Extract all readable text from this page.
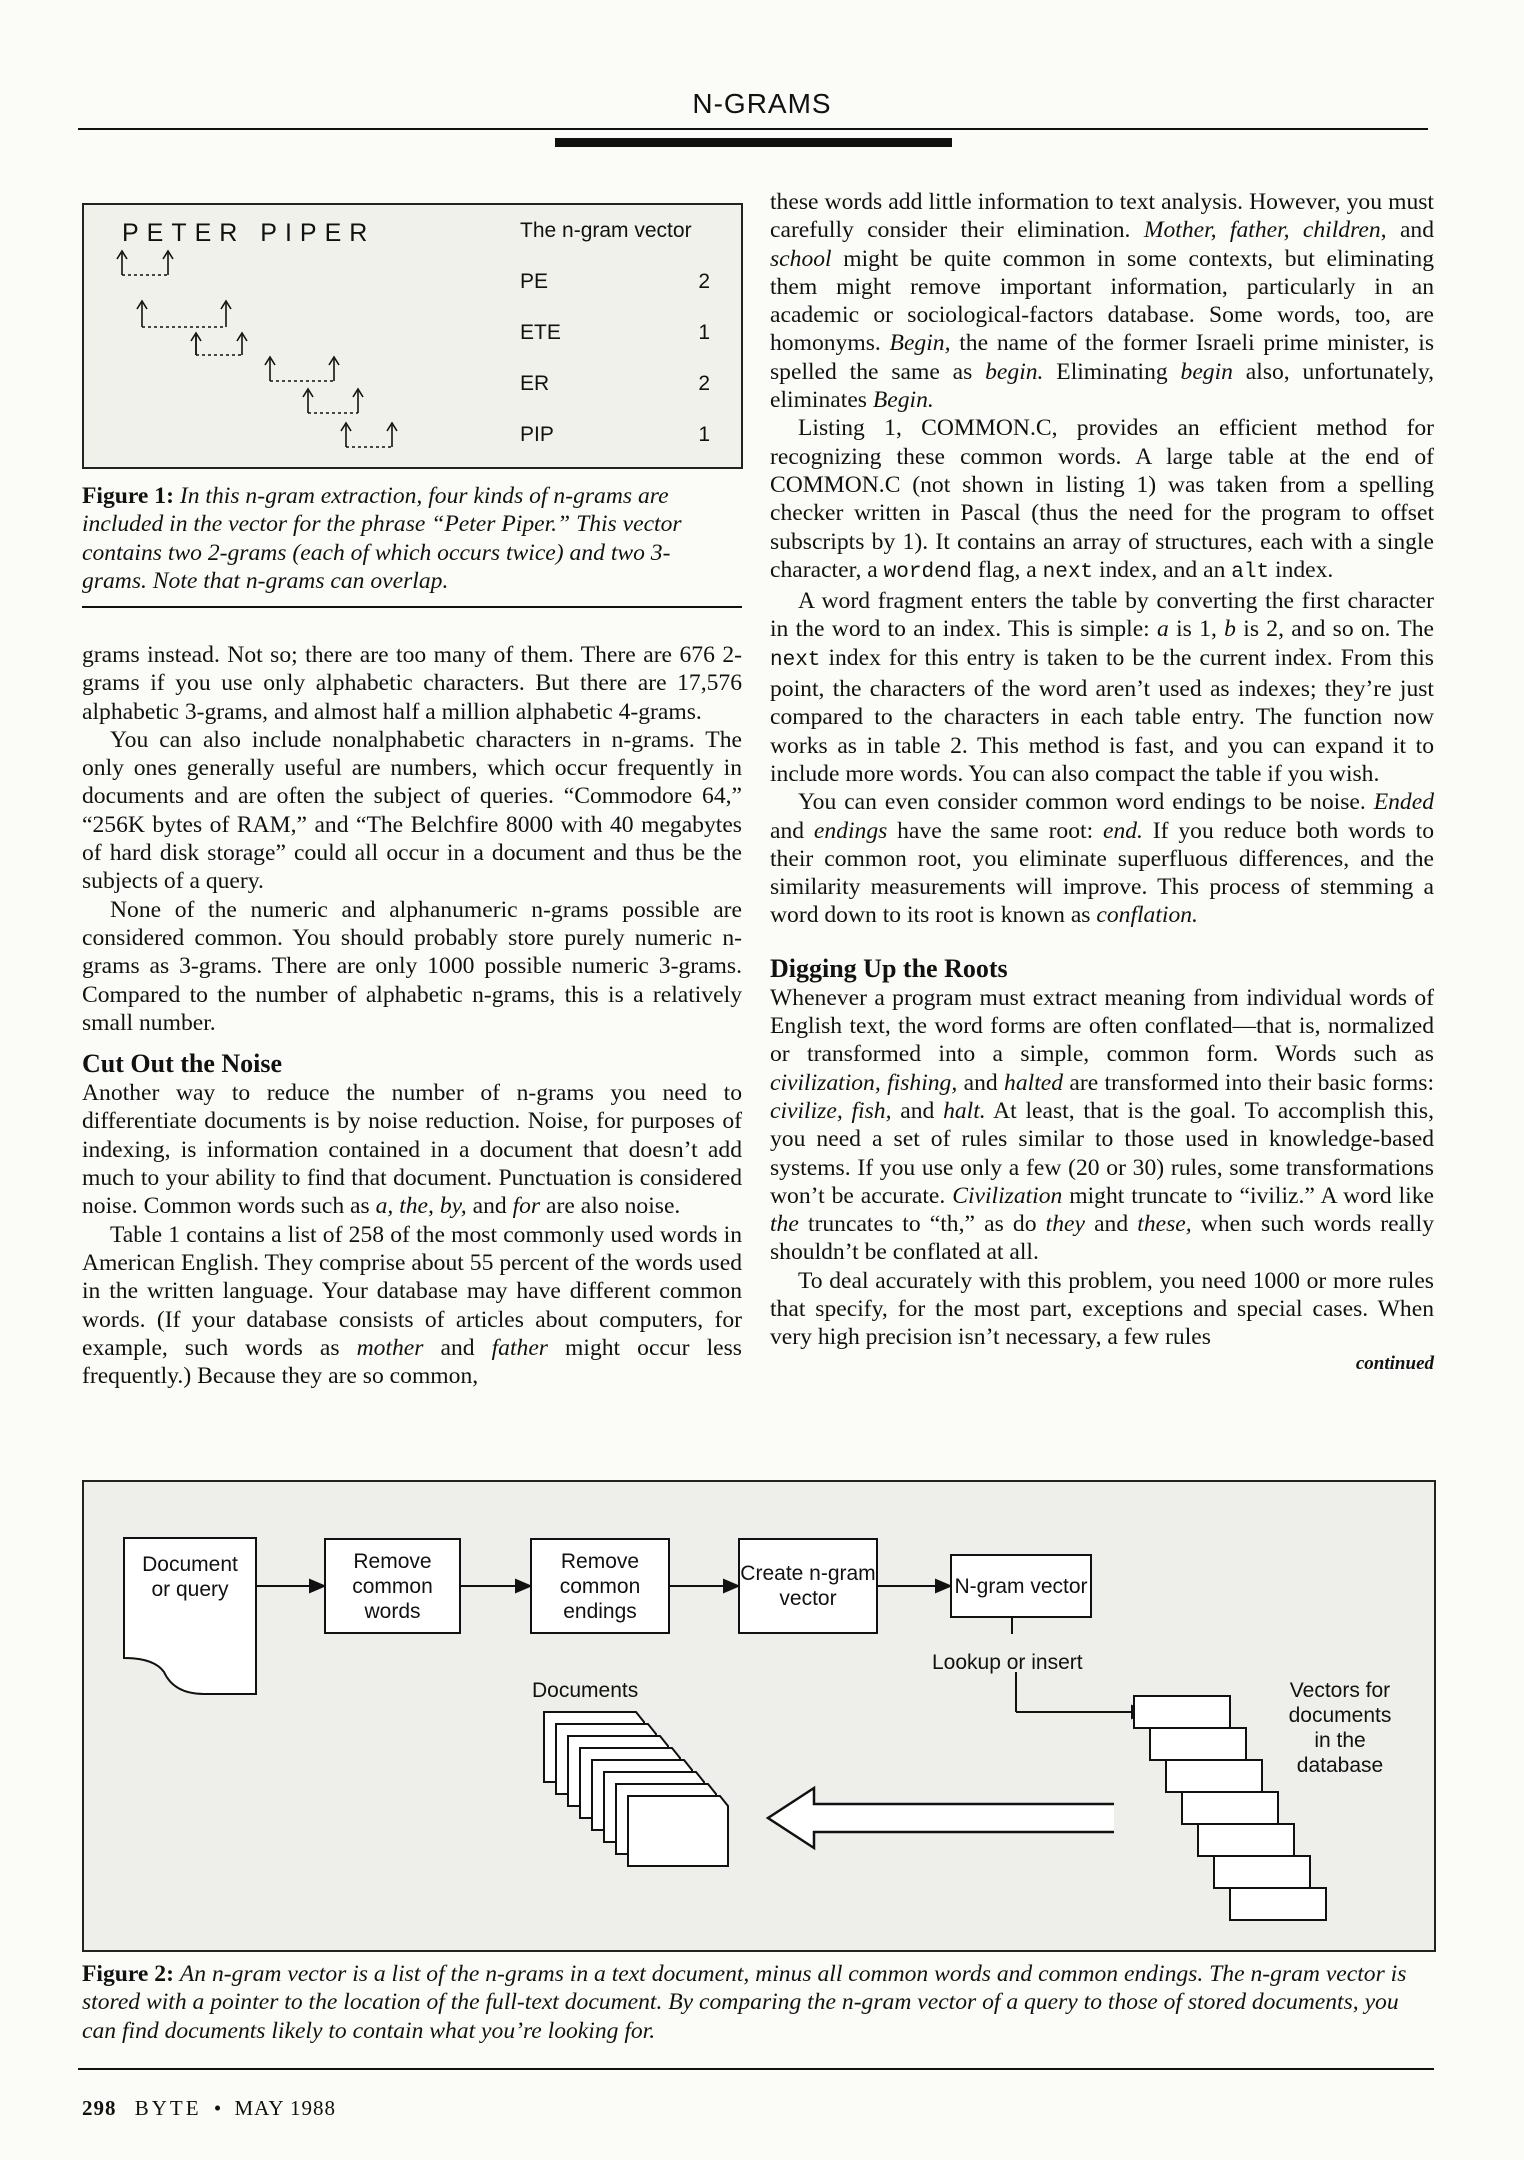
N-GRAMS
PETER PIPER	The n-gram vector
PE	2
ETE	1
ER	2
PIP	1
Figure 1: In this n-gram extraction, four kinds of n-grams are included in the vector for the phrase “Peter Piper.” This vector contains two 2-grams (each of which occurs twice) and two 3-grams. Note that n-grams can overlap.

grams instead. Not so; there are too many of them. There are 676 2-grams if you use only alphabetic characters. But there are 17,576 alphabetic 3-grams, and almost half a million alphabetic 4-grams.

You can also include nonalphabetic characters in n-grams. The only ones generally useful are numbers, which occur frequently in documents and are often the subject of queries. “Commodore 64,” “256K bytes of RAM,” and “The Belchfire 8000 with 40 megabytes of hard disk storage” could all occur in a document and thus be the subjects of a query.

None of the numeric and alphanumeric n-grams possible are considered common. You should probably store purely numeric n-grams as 3-grams. There are only 1000 possible numeric 3-grams. Compared to the number of alphabetic n-grams, this is a relatively small number.

Cut Out the Noise

Another way to reduce the number of n-grams you need to differentiate documents is by noise reduction. Noise, for purposes of indexing, is information contained in a document that doesn’t add much to your ability to find that document. Punctuation is considered noise. Common words such as a, the, by, and for are also noise.

Table 1 contains a list of 258 of the most commonly used words in American English. They comprise about 55 percent of the words used in the written language. Your database may have different common words. (If your database consists of articles about computers, for example, such words as mother and father might occur less frequently.) Because they are so common,

these words add little information to text analysis. However, you must carefully consider their elimination. Mother, father, children, and school might be quite common in some contexts, but eliminating them might remove important information, particularly in an academic or sociological-factors database. Some words, too, are homonyms. Begin, the name of the former Israeli prime minister, is spelled the same as begin. Eliminating begin also, unfortunately, eliminates Begin.

Listing 1, COMMON.C, provides an efficient method for recognizing these common words. A large table at the end of COMMON.C (not shown in listing 1) was taken from a spelling checker written in Pascal (thus the need for the program to offset subscripts by 1). It contains an array of structures, each with a single character, a wordend flag, a next index, and an alt index.

A word fragment enters the table by converting the first character in the word to an index. This is simple: a is 1, b is 2, and so on. The next index for this entry is taken to be the current index. From this point, the characters of the word aren’t used as indexes; they’re just compared to the characters in each table entry. The function now works as in table 2. This method is fast, and you can expand it to include more words. You can also compact the table if you wish.

You can even consider common word endings to be noise. Ended and endings have the same root: end. If you reduce both words to their common root, you eliminate superfluous differences, and the similarity measurements will improve. This process of stemming a word down to its root is known as conflation.

Digging Up the Roots

Whenever a program must extract meaning from individual words of English text, the word forms are often conflated—that is, normalized or transformed into a simple, common form. Words such as civilization, fishing, and halted are transformed into their basic forms: civilize, fish, and halt. At least, that is the goal. To accomplish this, you need a set of rules similar to those used in knowledge-based systems. If you use only a few (20 or 30) rules, some transformations won’t be accurate. Civilization might truncate to “iviliz.” A word like the truncates to “th,” as do they and these, when such words really shouldn’t be conflated at all.

To deal accurately with this problem, you need 1000 or more rules that specify, for the most part, exceptions and special cases. When very high precision isn’t necessary, a few rules

continued
Document or query
Remove common words
Remove common endings
Create n-gram vector
N-gram vector
Lookup or insert
Documents	Vectors for documents in the database
Figure 2: An n-gram vector is a list of the n-grams in a text document, minus all common words and common endings. The n-gram vector is stored with a pointer to the location of the full-text document. By comparing the n-gram vector of a query to those of stored documents, you can find documents likely to contain what you’re looking for.
298 BYTE • MAY 1988
